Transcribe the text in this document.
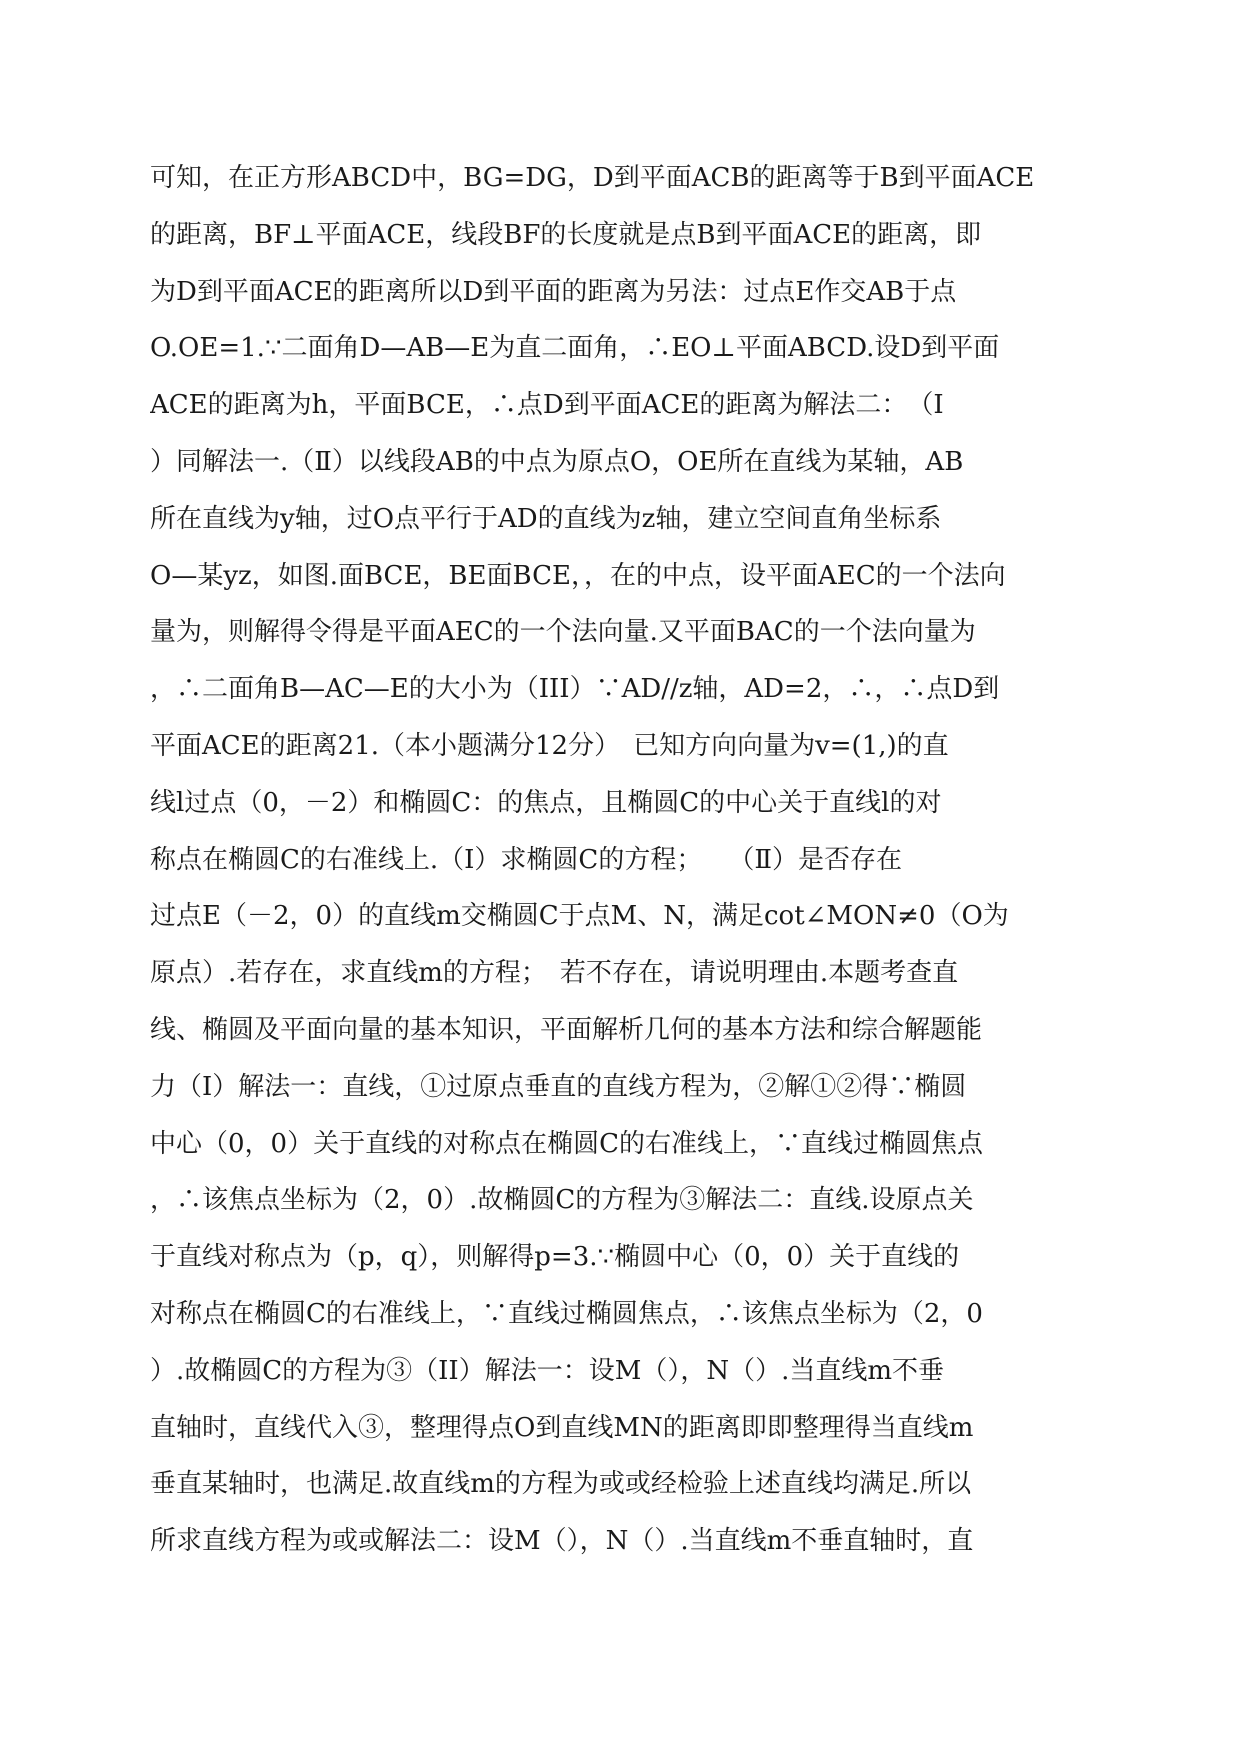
可知，在正方形ABCD中，BG=DG，D到平面ACB的距离等于B到平面ACE
的距离，BF⊥平面ACE，线段BF的长度就是点B到平面ACE的距离，即
为D到平面ACE的距离所以D到平面的距离为另法：过点E作交AB于点
O.OE=1.∵二面角D—AB—E为直二面角，∴EO⊥平面ABCD.设D到平面
ACE的距离为h，平面BCE，∴点D到平面ACE的距离为解法二：　（Ⅰ
）同解法一.（Ⅱ）以线段AB的中点为原点O，OE所在直线为某轴，AB
所在直线为y轴，过O点平行于AD的直线为z轴，建立空间直角坐标系
O—某yz，如图.面BCE，BE面BCE，，在的中点，设平面AEC的一个法向
量为，则解得令得是平面AEC的一个法向量.又平面BAC的一个法向量为
，∴二面角B—AC—E的大小为（III）∵AD//z轴，AD=2，∴，∴点D到
平面ACE的距离21.（本小题满分12分）　已知方向向量为v=(1,)的直
线l过点（0，－2）和椭圆C：的焦点，且椭圆C的中心关于直线l的对
称点在椭圆C的右准线上.（Ⅰ）求椭圆C的方程；　　（Ⅱ）是否存在
过点E（－2，0）的直线m交椭圆C于点M、N，满足cot∠MON≠0（O为
原点）.若存在，求直线m的方程；　若不存在，请说明理由.本题考查直
线、椭圆及平面向量的基本知识，平面解析几何的基本方法和综合解题能
力（I）解法一：直线，①过原点垂直的直线方程为，②解①②得∵椭圆
中心（0，0）关于直线的对称点在椭圆C的右准线上，∵直线过椭圆焦点
，∴该焦点坐标为（2，0）.故椭圆C的方程为③解法二：直线.设原点关
于直线对称点为（p，q），则解得p=3.∵椭圆中心（0，0）关于直线的
对称点在椭圆C的右准线上，∵直线过椭圆焦点，∴该焦点坐标为（2，0
）.故椭圆C的方程为③（II）解法一：设M（），N（）.当直线m不垂
直轴时，直线代入③，整理得点O到直线MN的距离即即整理得当直线m
垂直某轴时，也满足.故直线m的方程为或或经检验上述直线均满足.所以
所求直线方程为或或解法二：设M（），N（）.当直线m不垂直轴时，直
